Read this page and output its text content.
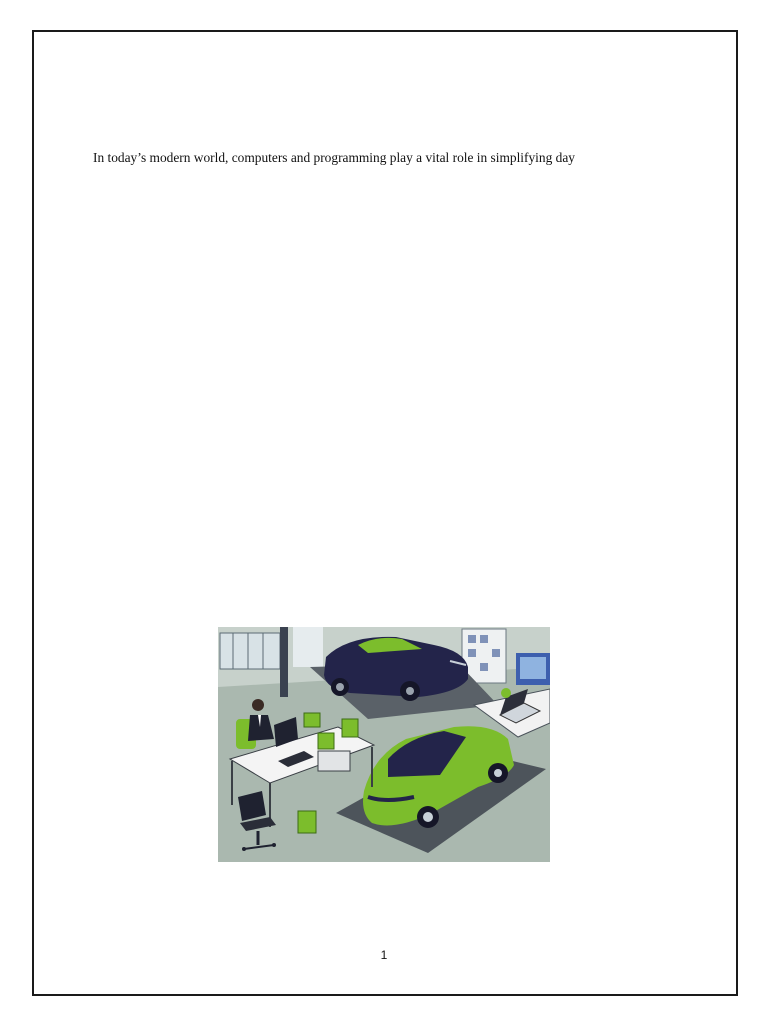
In today’s modern world, computers and programming play a vital role in simplifying day

1
